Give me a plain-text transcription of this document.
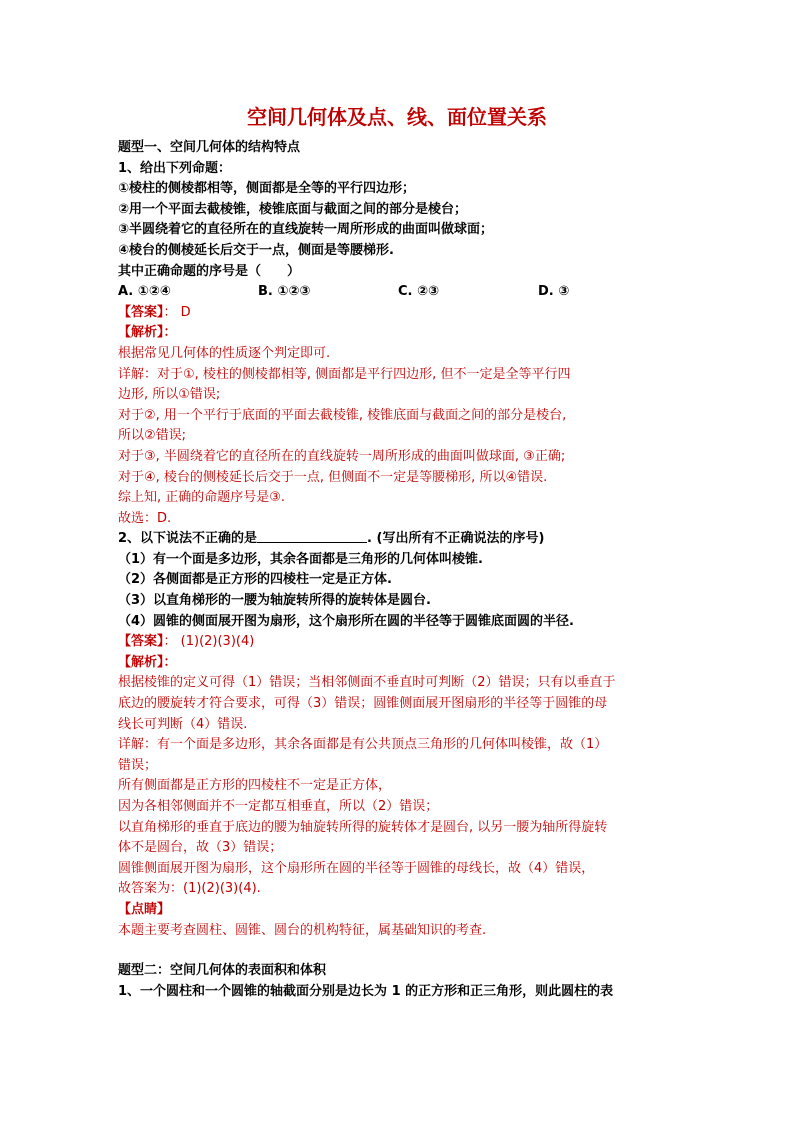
空间几何体及点、线、面位置关系
题型一、空间几何体的结构特点
1、给出下列命题：
①棱柱的侧棱都相等，侧面都是全等的平行四边形；
②用一个平面去截棱锥，棱锥底面与截面之间的部分是棱台；
③半圆绕着它的直径所在的直线旋转一周所形成的曲面叫做球面；
④棱台的侧棱延长后交于一点，侧面是等腰梯形.
其中正确命题的序号是（　　）
A. ①②④	B. ①②③	C. ②③	D. ③
【答案】： D
【解析】：
根据常见几何体的性质逐个判定即可.
详解：对于①, 棱柱的侧棱都相等, 侧面都是平行四边形, 但不一定是全等平行四
边形, 所以①错误;
对于②, 用一个平行于底面的平面去截棱锥, 棱锥底面与截面之间的部分是棱台,
所以②错误;
对于③, 半圆绕着它的直径所在的直线旋转一周所形成的曲面叫做球面, ③正确;
对于④, 棱台的侧棱延长后交于一点, 但侧面不一定是等腰梯形, 所以④错误.
综上知, 正确的命题序号是③.
故选：D.
2、以下说法不正确的是	. (写出所有不正确说法的序号)
（1）有一个面是多边形，其余各面都是三角形的几何体叫棱锥.
（2）各侧面都是正方形的四棱柱一定是正方体.
（3）以直角梯形的一腰为轴旋转所得的旋转体是圆台.
（4）圆锥的侧面展开图为扇形，这个扇形所在圆的半径等于圆锥底面圆的半径.
【答案】： (1)(2)(3)(4)
【解析】：
根据棱锥的定义可得（1）错误；当相邻侧面不垂直时可判断（2）错误；只有以垂直于
底边的腰旋转才符合要求，可得（3）错误；圆锥侧面展开图扇形的半径等于圆锥的母
线长可判断（4）错误.
详解：有一个面是多边形，其余各面都是有公共顶点三角形的几何体叫棱锥，故（1）
错误；
所有侧面都是正方形的四棱柱不一定是正方体，
因为各相邻侧面并不一定都互相垂直，所以（2）错误；
以直角梯形的垂直于底边的腰为轴旋转所得的旋转体才是圆台, 以另一腰为轴所得旋转
体不是圆台，故（3）错误；
圆锥侧面展开图为扇形，这个扇形所在圆的半径等于圆锥的母线长，故（4）错误，
故答案为：(1)(2)(3)(4).
【点睛】
本题主要考查圆柱、圆锥、圆台的机构特征，属基础知识的考查.
题型二：空间几何体的表面积和体积
1、一个圆柱和一个圆锥的轴截面分别是边长为 1 的正方形和正三角形，则此圆柱的表
